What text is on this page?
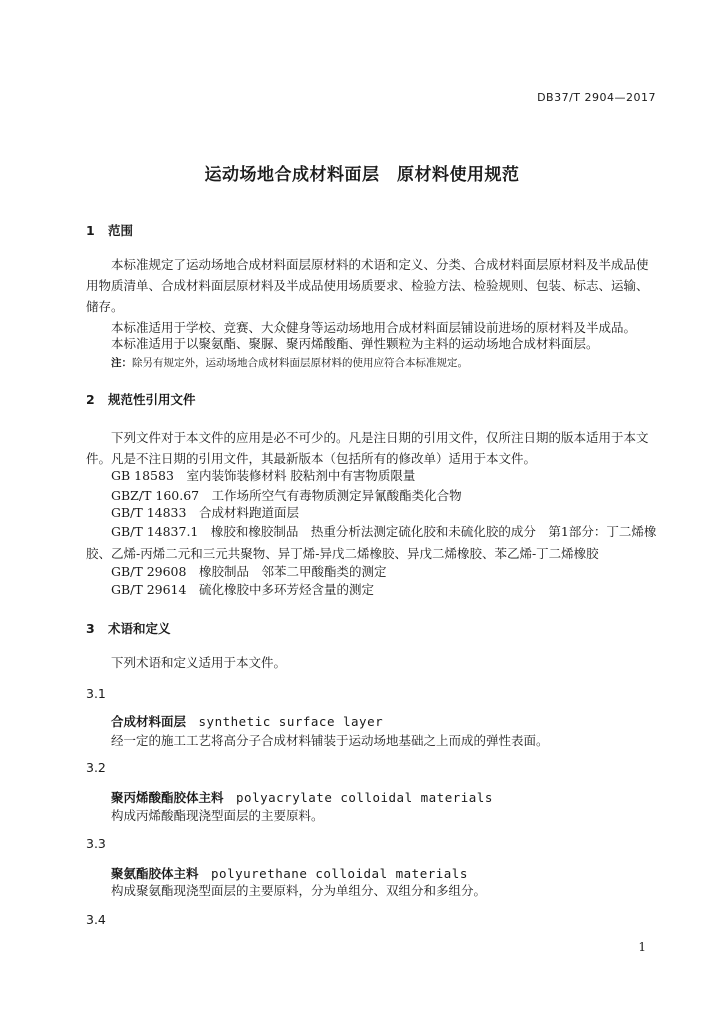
DB37/T 2904—2017
运动场地合成材料面层　原材料使用规范
1 范围
本标准规定了运动场地合成材料面层原材料的术语和定义、分类、合成材料面层原材料及半成品使用物质清单、合成材料面层原材料及半成品使用场质要求、检验方法、检验规则、包装、标志、运输、储存。
本标准适用于学校、竞赛、大众健身等运动场地用合成材料面层铺设前进场的原材料及半成品。
本标准适用于以聚氨酯、聚脲、聚丙烯酸酯、弹性颗粒为主料的运动场地合成材料面层。
注：除另有规定外，运动场地合成材料面层原材料的使用应符合本标准规定。
2 规范性引用文件
下列文件对于本文件的应用是必不可少的。凡是注日期的引用文件，仅所注日期的版本适用于本文件。凡是不注日期的引用文件，其最新版本（包括所有的修改单）适用于本文件。
GB 18583　 室内装饰装修材料 胶粘剂中有害物质限量
GBZ/T 160.67　 工作场所空气有毒物质测定异氰酸酯类化合物
GB/T 14833　 合成材料跑道面层
GB/T 14837.1　 橡胶和橡胶制品　热重分析法测定硫化胶和未硫化胶的成分　第1部分：丁二烯橡胶、乙烯-丙烯二元和三元共聚物、异丁烯-异戊二烯橡胶、异戊二烯橡胶、苯乙烯-丁二烯橡胶
GB/T 29608　 橡胶制品　邻苯二甲酸酯类的测定
GB/T 29614　 硫化橡胶中多环芳烃含量的测定
3 术语和定义
下列术语和定义适用于本文件。
3.1
合成材料面层　 synthetic surface layer
经一定的施工工艺将高分子合成材料铺装于运动场地基础之上而成的弹性表面。
3.2
聚丙烯酸酯胶体主料　 polyacrylate colloidal materials
构成丙烯酸酯现浇型面层的主要原料。
3.3
聚氨酯胶体主料　 polyurethane colloidal materials
构成聚氨酯现浇型面层的主要原料，分为单组分、双组分和多组分。
3.4
1
